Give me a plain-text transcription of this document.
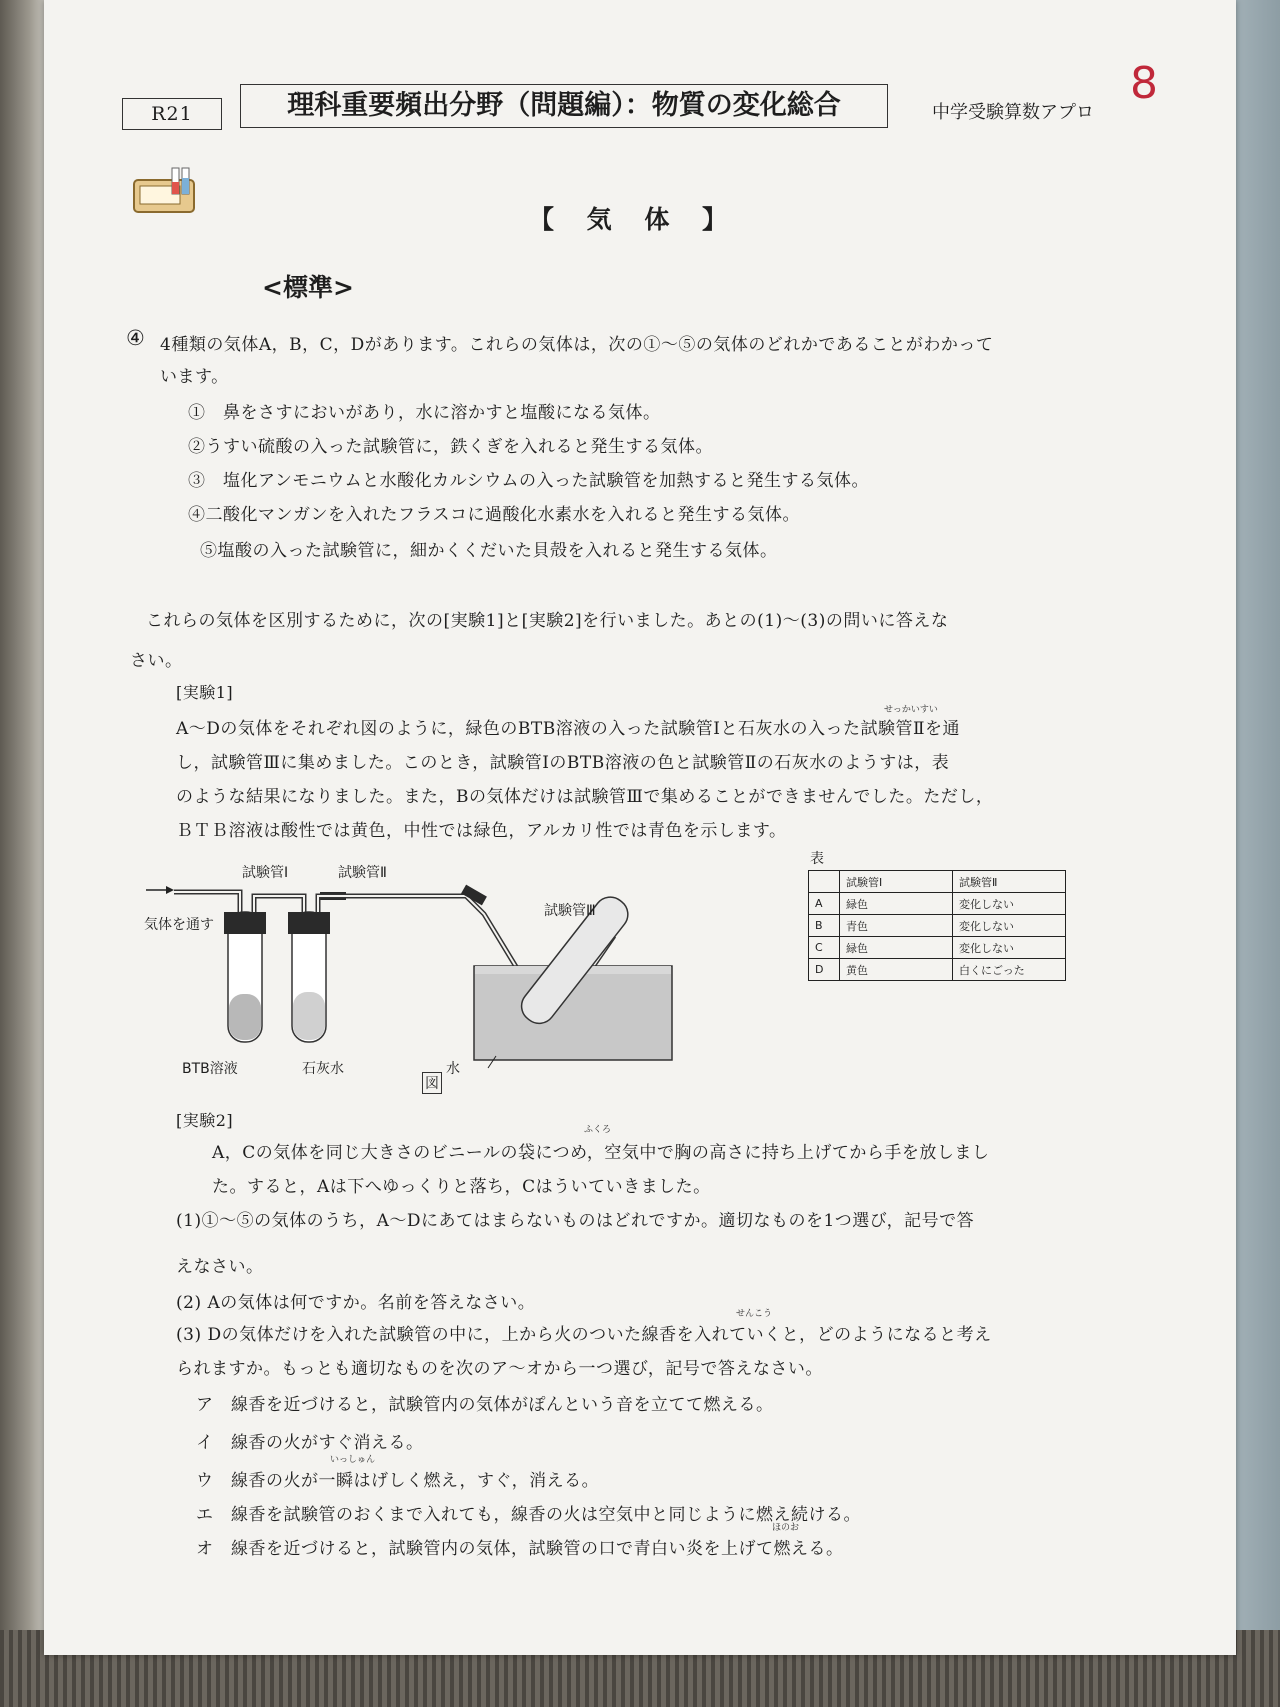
R21	理科重要頻出分野（問題編）：物質の変化総合	中学受験算数アプロ
8
【 気 体 】
<標準>
④ 4種類の気体A，B，C，Dがあります。これらの気体は，次の①～⑤の気体のどれかであることがわかって
います。
①　鼻をさすにおいがあり，水に溶かすと塩酸になる気体。
②うすい硫酸の入った試験管に，鉄くぎを入れると発生する気体。
③　塩化アンモニウムと水酸化カルシウムの入った試験管を加熱すると発生する気体。
④二酸化マンガンを入れたフラスコに過酸化水素水を入れると発生する気体。
⑤塩酸の入った試験管に，細かくくだいた貝殻を入れると発生する気体。
これらの気体を区別するために，次の[実験1]と[実験2]を行いました。あとの(1)～(3)の問いに答えな
さい。
[実験1]
せっかいすい
A～Dの気体をそれぞれ図のように，緑色のBTB溶液の入った試験管Ⅰと石灰水の入った試験管Ⅱを通
し，試験管Ⅲに集めました。このとき，試験管ⅠのBTB溶液の色と試験管Ⅱの石灰水のようすは，表
のような結果になりました。また，Bの気体だけは試験管Ⅲで集めることができませんでした。ただし，
ＢＴＢ溶液は酸性では黄色，中性では緑色，アルカリ性では青色を示します。
試験管Ⅰ	試験管Ⅱ
試験管Ⅲ
気体を通す
BTB溶液	石灰水	水
図
表
	試験管Ⅰ	試験管Ⅱ
A	緑色	変化しない
B	青色	変化しない
C	緑色	変化しない
D	黄色	白くにごった
[実験2]	ふくろ
A，Cの気体を同じ大きさのビニールの袋につめ，空気中で胸の高さに持ち上げてから手を放しまし
た。すると，Aは下へゆっくりと落ち，Cはういていきました。
(1)①～⑤の気体のうち，A～Dにあてはまらないものはどれですか。適切なものを1つ選び，記号で答
えなさい。
(2) Aの気体は何ですか。名前を答えなさい。
せんこう
(3) Dの気体だけを入れた試験管の中に，上から火のついた線香を入れていくと，どのようになると考え
られますか。もっとも適切なものを次のア～オから一つ選び，記号で答えなさい。
ア　線香を近づけると，試験管内の気体がぽんという音を立てて燃える。
イ　線香の火がすぐ消える。
いっしゅん
ウ　線香の火が一瞬はげしく燃え，すぐ，消える。
エ　線香を試験管のおくまで入れても，線香の火は空気中と同じように燃え続ける。
ほのお
オ　線香を近づけると，試験管内の気体，試験管の口で青白い炎を上げて燃える。
